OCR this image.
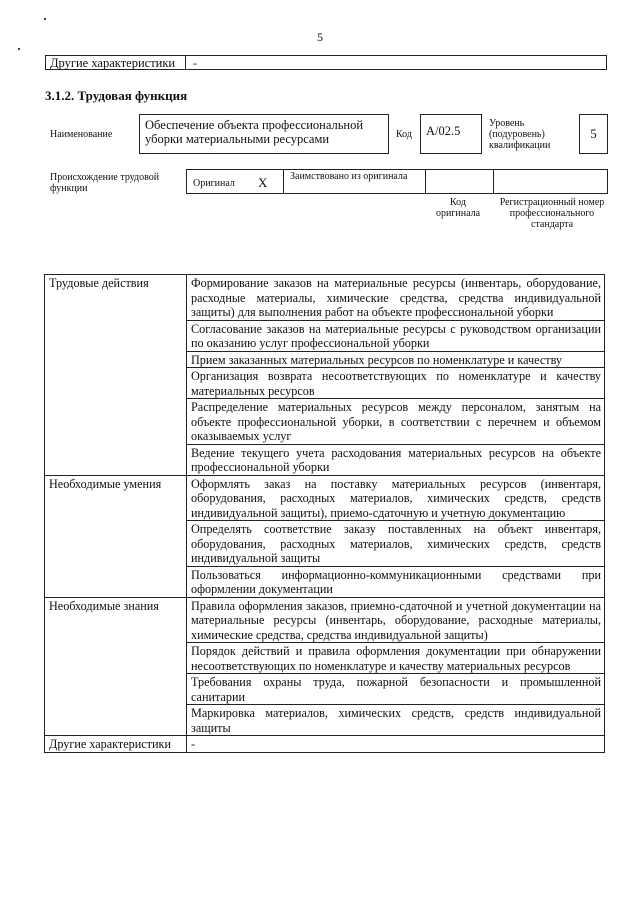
5
Другие характеристики -
3.1.2. Трудовая функция
Наименование
Обеспечение объекта профессиональной уборки материальными ресурсами	Код	A/02.5
Уровень (подуровень) квалификации
5
Происхождение трудовой функции	Оригинал X Заимствовано из оригинала
Код оригинала
Регистрационный номер профессионального стандарта
Трудовые действия	Формирование заказов на материальные ресурсы (инвентарь, оборудование, расходные материалы, химические средства, средства индивидуальной защиты) для выполнения работ на объекте профессиональной уборки
	Согласование заказов на материальные ресурсы с руководством организации по оказанию услуг профессиональной уборки
	Прием заказанных материальных ресурсов по номенклатуре и качеству
	Организация возврата несоответствующих по номенклатуре и качеству материальных ресурсов
	Распределение материальных ресурсов между персоналом, занятым на объекте профессиональной уборки, в соответствии с перечнем и объемом оказываемых услуг
	Ведение текущего учета расходования материальных ресурсов на объекте профессиональной уборки
Необходимые умения	Оформлять заказ на поставку материальных ресурсов (инвентаря, оборудования, расходных материалов, химических средств, средств индивидуальной защиты), приемо-сдаточную и учетную документацию
	Определять соответствие заказу поставленных на объект инвентаря, оборудования, расходных материалов, химических средств, средств индивидуальной защиты
	Пользоваться информационно-коммуникационными средствами при оформлении документации
Необходимые знания	Правила оформления заказов, приемно-сдаточной и учетной документации на материальные ресурсы (инвентарь, оборудование, расходные материалы, химические средства, средства индивидуальной защиты)
	Порядок действий и правила оформления документации при обнаружении несоответствующих по номенклатуре и качеству материальных ресурсов
	Требования охраны труда, пожарной безопасности и промышленной санитарии
	Маркировка материалов, химических средств, средств индивидуальной защиты
Другие характеристики	-
